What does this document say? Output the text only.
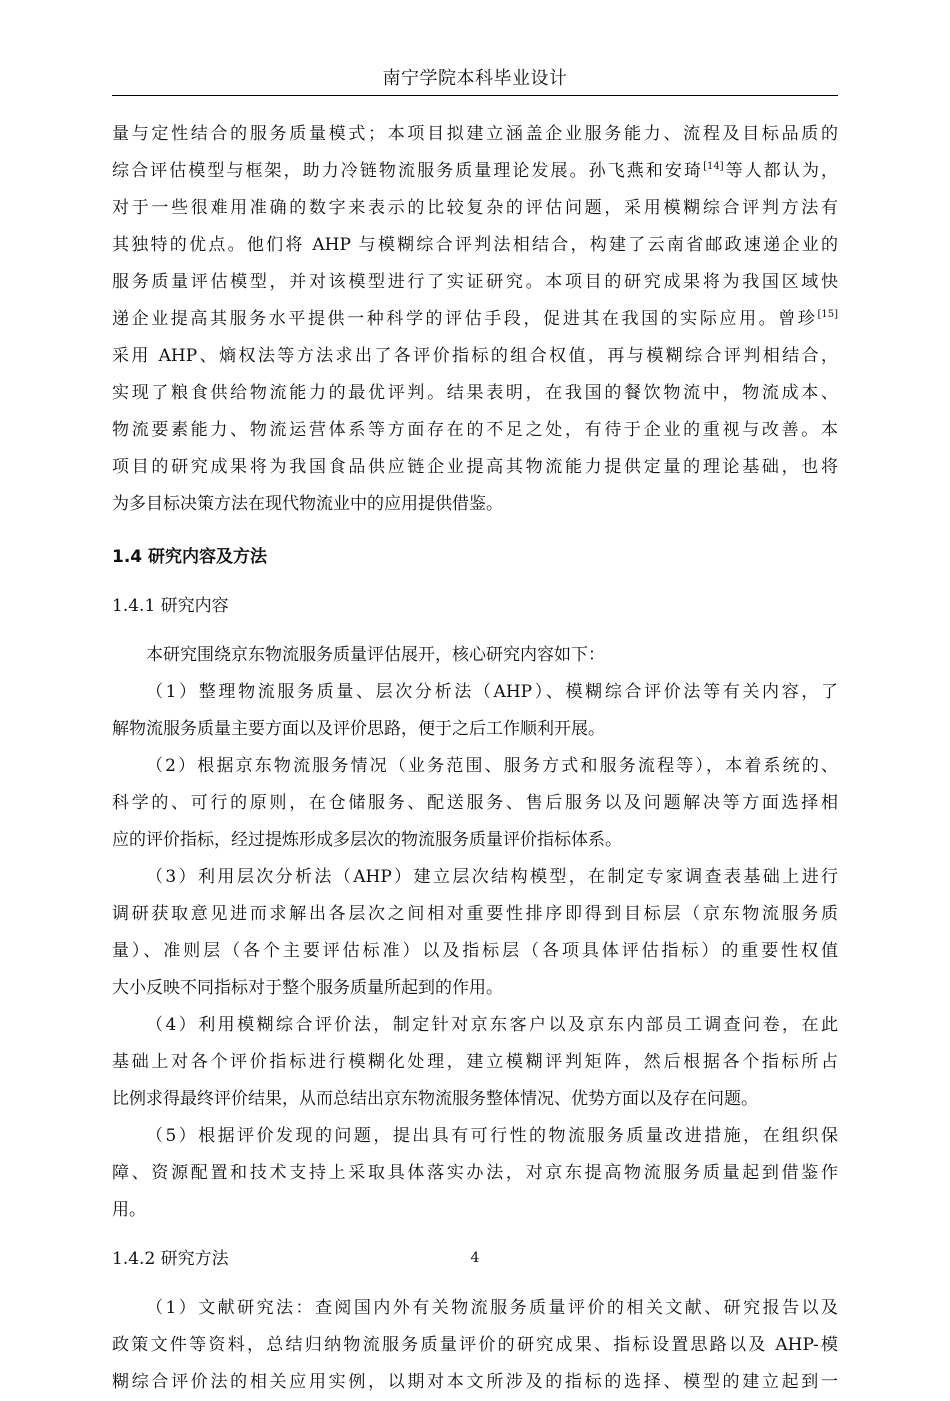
南宁学院本科毕业设计
量与定性结合的服务质量模式；本项目拟建立涵盖企业服务能力、流程及目标品质的
综合评估模型与框架，助力冷链物流服务质量理论发展。孙飞燕和安琦[14]等人都认为，
对于一些很难用准确的数字来表示的比较复杂的评估问题，采用模糊综合评判方法有
其独特的优点。他们将 AHP 与模糊综合评判法相结合，构建了云南省邮政速递企业的
服务质量评估模型，并对该模型进行了实证研究。本项目的研究成果将为我国区域快
递企业提高其服务水平提供一种科学的评估手段，促进其在我国的实际应用。曾珍[15]
采用 AHP、熵权法等方法求出了各评价指标的组合权值，再与模糊综合评判相结合，
实现了粮食供给物流能力的最优评判。结果表明，在我国的餐饮物流中，物流成本、
物流要素能力、物流运营体系等方面存在的不足之处，有待于企业的重视与改善。本
项目的研究成果将为我国食品供应链企业提高其物流能力提供定量的理论基础，也将
为多目标决策方法在现代物流业中的应用提供借鉴。
1.4 研究内容及方法
1.4.1 研究内容
本研究围绕京东物流服务质量评估展开，核心研究内容如下：
（1）整理物流服务质量、层次分析法（AHP）、模糊综合评价法等有关内容，了
解物流服务质量主要方面以及评价思路，便于之后工作顺利开展。
（2）根据京东物流服务情况（业务范围、服务方式和服务流程等），本着系统的、
科学的、可行的原则，在仓储服务、配送服务、售后服务以及问题解决等方面选择相
应的评价指标，经过提炼形成多层次的物流服务质量评价指标体系。
（3）利用层次分析法（AHP）建立层次结构模型，在制定专家调查表基础上进行
调研获取意见进而求解出各层次之间相对重要性排序即得到目标层（京东物流服务质
量）、准则层（各个主要评估标准）以及指标层（各项具体评估指标）的重要性权值
大小反映不同指标对于整个服务质量所起到的作用。
（4）利用模糊综合评价法，制定针对京东客户以及京东内部员工调查问卷，在此
基础上对各个评价指标进行模糊化处理，建立模糊评判矩阵，然后根据各个指标所占
比例求得最终评价结果，从而总结出京东物流服务整体情况、优势方面以及存在问题。
（5）根据评价发现的问题，提出具有可行性的物流服务质量改进措施，在组织保
障、资源配置和技术支持上采取具体落实办法，对京东提高物流服务质量起到借鉴作
用。
1.4.2 研究方法
（1）文献研究法：查阅国内外有关物流服务质量评价的相关文献、研究报告以及
政策文件等资料，总结归纳物流服务质量评价的研究成果、指标设置思路以及 AHP-模
糊综合评价法的相关应用实例，以期对本文所涉及的指标的选择、模型的建立起到一
4
